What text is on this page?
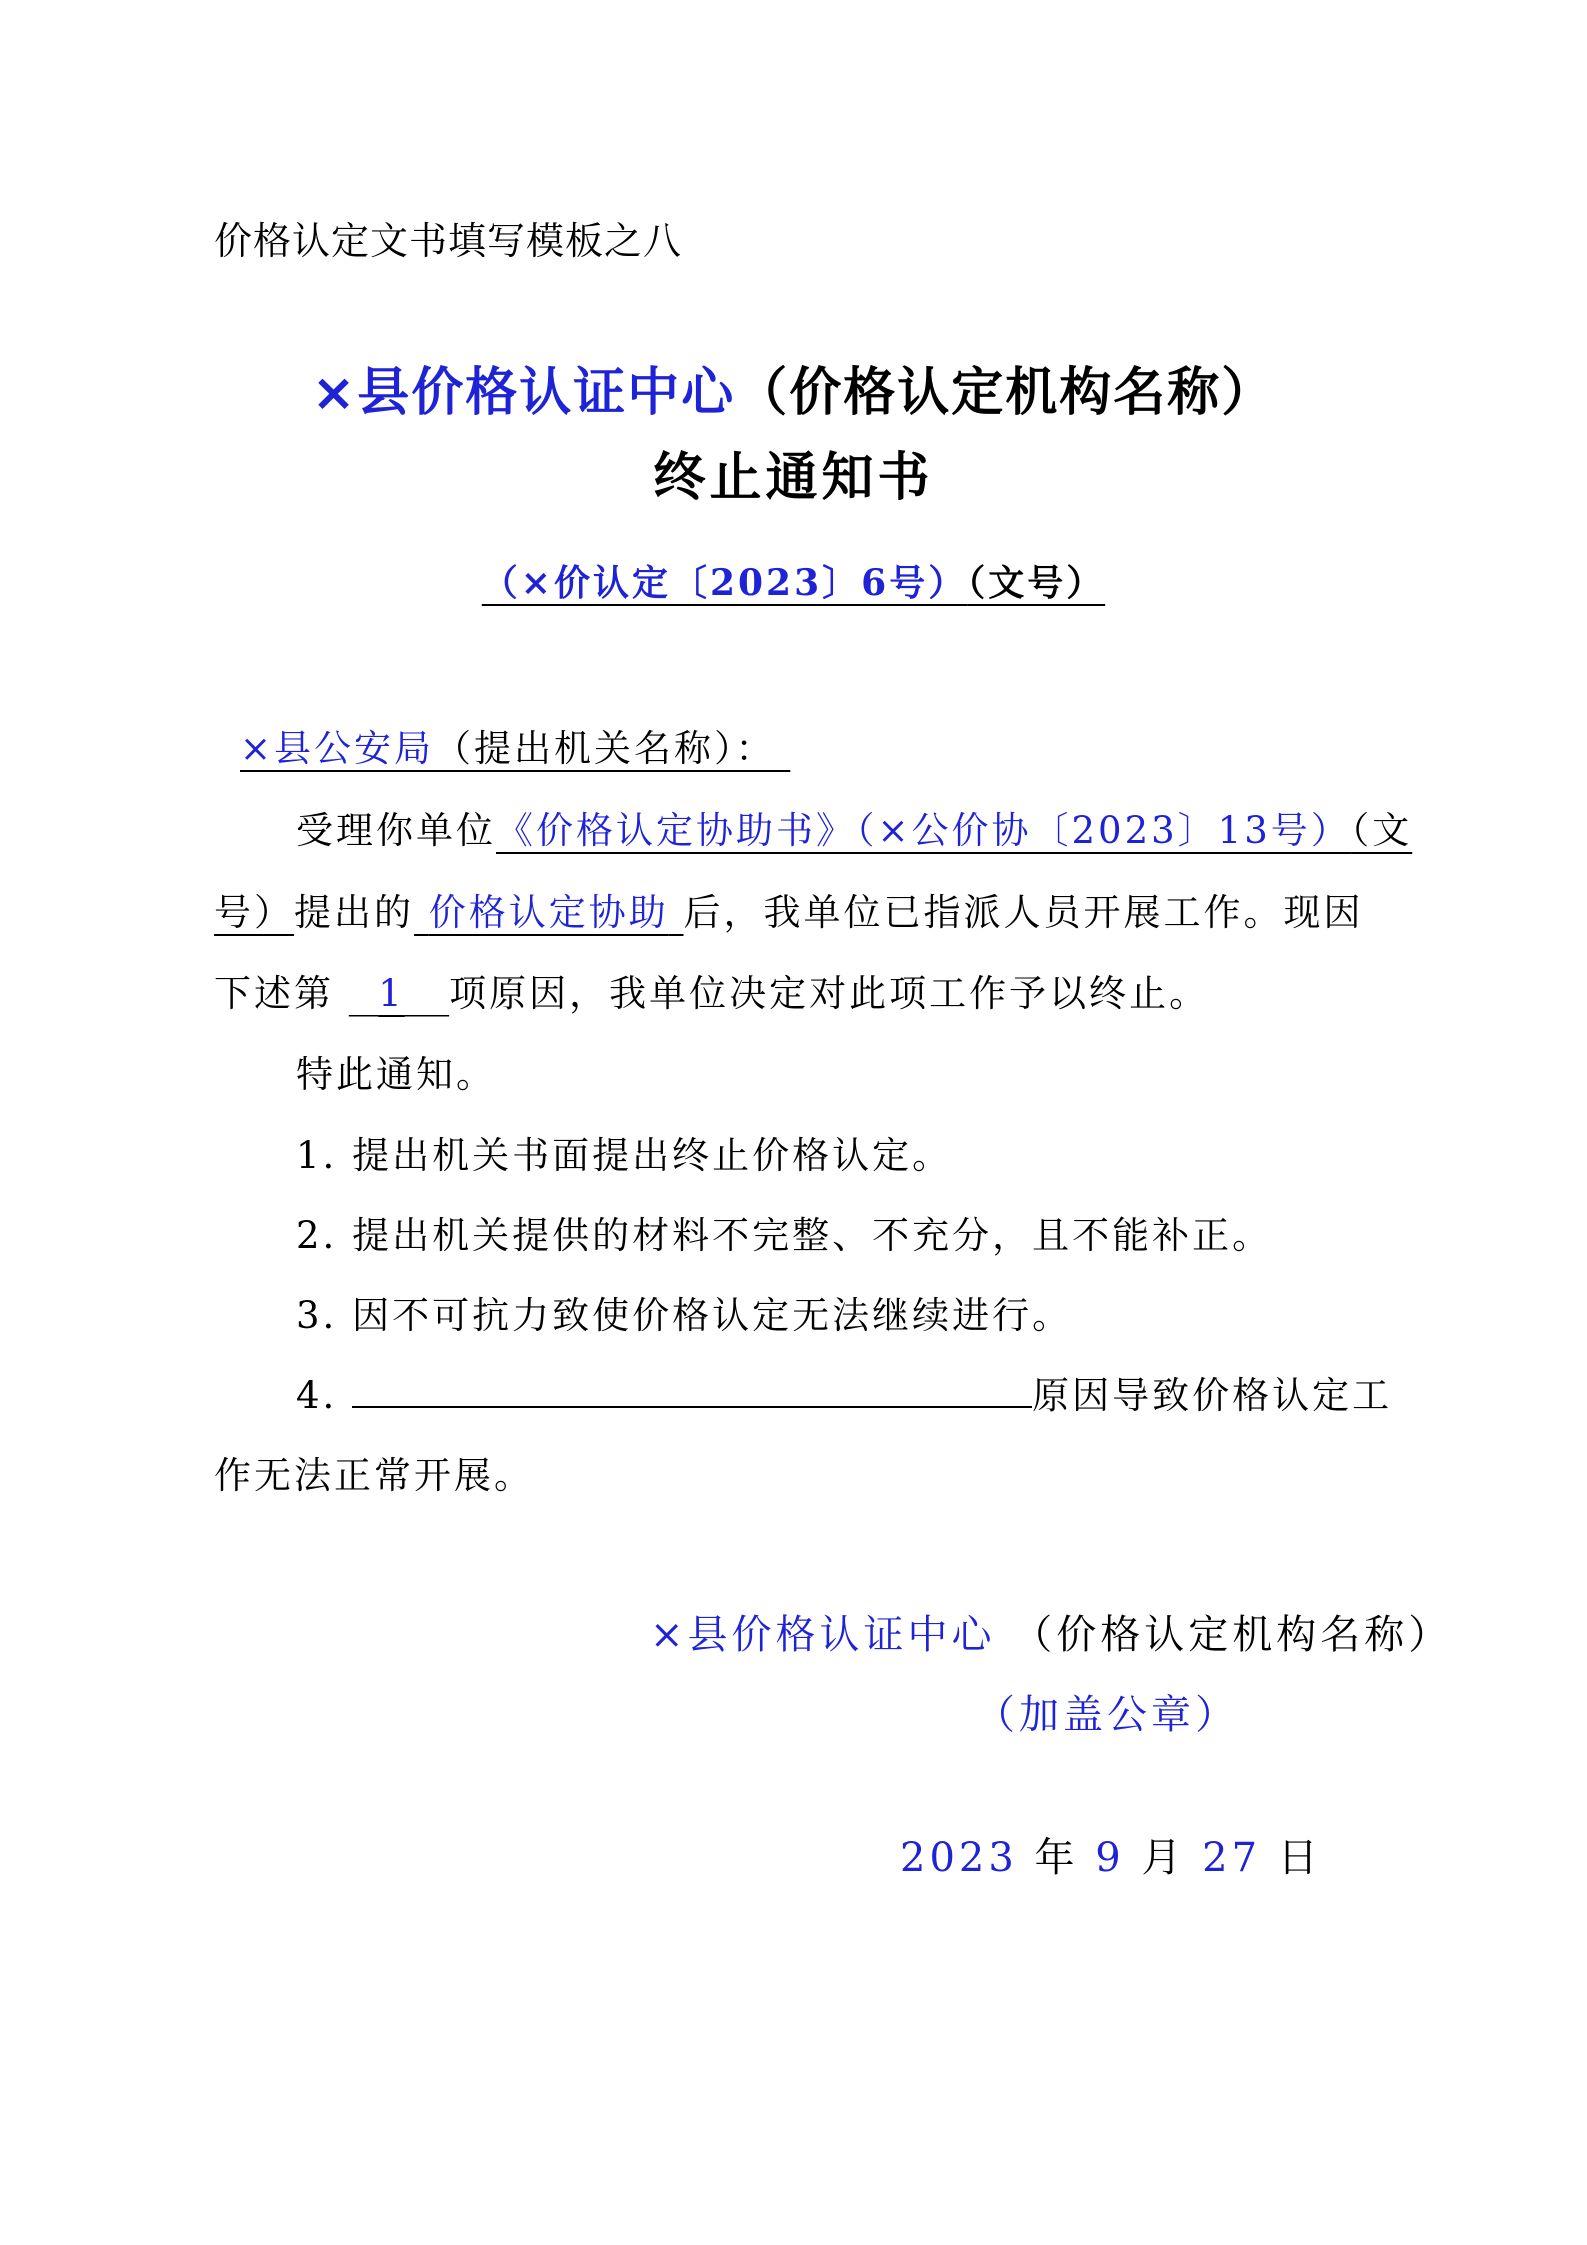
价格认定文书填写模板之八
×县价格认证中心（价格认定机构名称）
终止通知书
（×价认定〔2023〕6号）（文号）
×县公安局（提出机关名称）：
受理你单位《价格认定协助书》（×公价协〔2023〕13号）（文
号）提出的 价格认定协助 后，我单位已指派人员开展工作。现因
下述第 1 项原因，我单位决定对此项工作予以终止。
特此通知。
1. 提出机关书面提出终止价格认定。
2. 提出机关提供的材料不完整、不充分，且不能补正。
3. 因不可抗力致使价格认定无法继续进行。
4.	原因导致价格认定工
作无法正常开展。
×县价格认证中心 （价格认定机构名称）
（加盖公章）
2023 年 9 月 27 日
